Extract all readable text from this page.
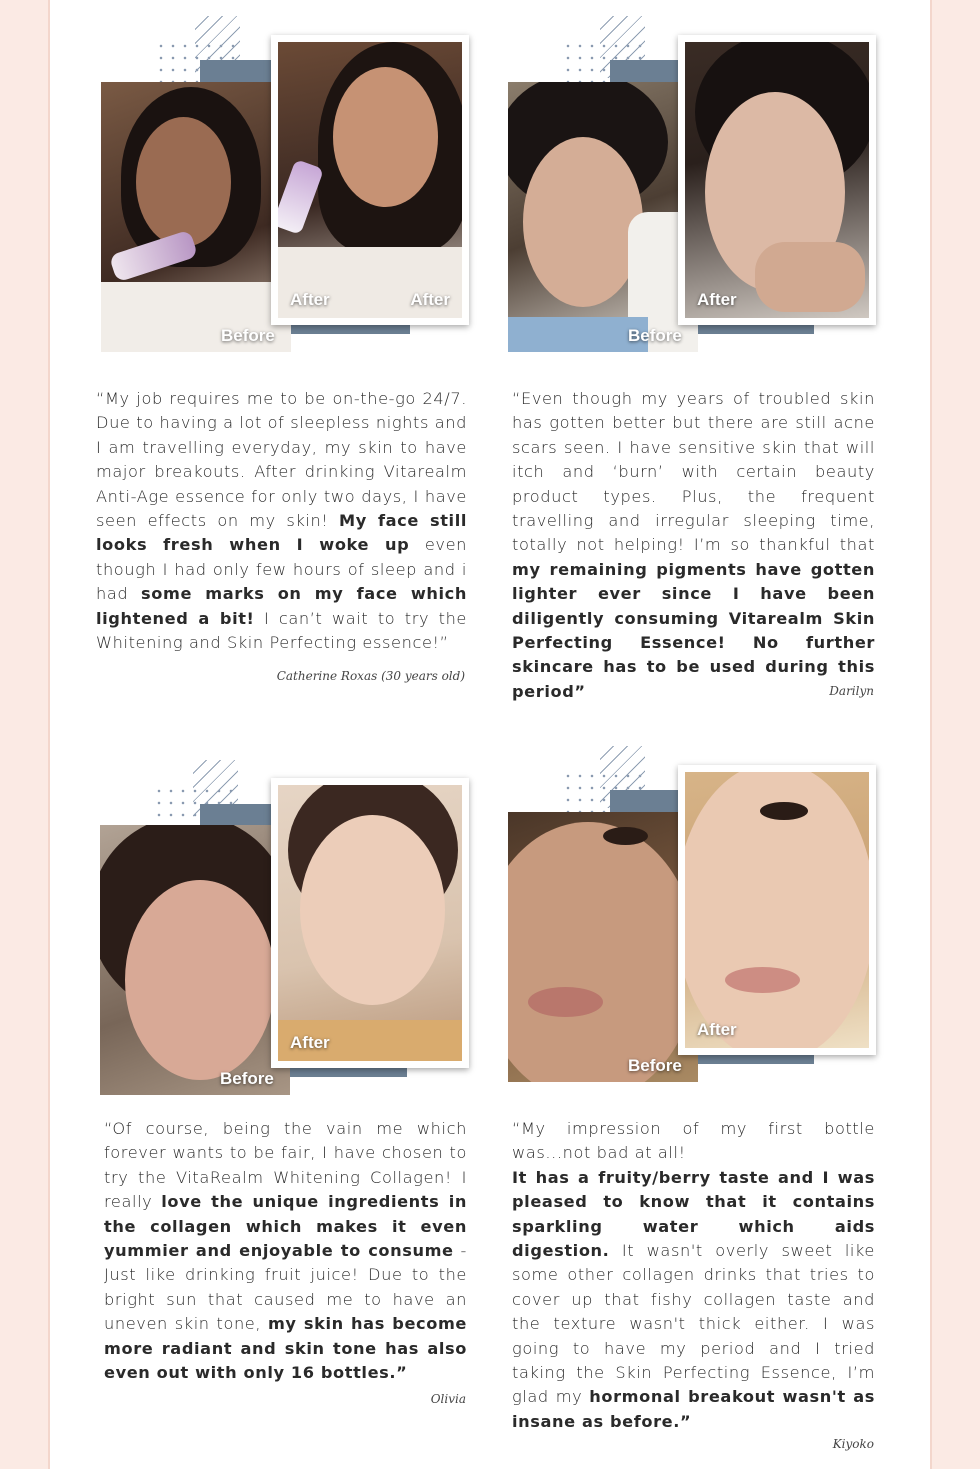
Before
After	After
“My job requires me to be on-the-go 24/7. Due to having a lot of sleepless nights and I am travelling everyday, my skin to have major breakouts. After drinking Vitarealm Anti-Age essence for only two days, I have seen effects on my skin! My face still looks fresh when I woke up even though I had only few hours of sleep and i had some marks on my face which lightened a bit! I can’t wait to try the Whitening and Skin Perfecting essence!”
Catherine Roxas (30 years old)
Before
After
“Even though my years of troubled skin has gotten better but there are still acne scars seen. I have sensitive skin that will itch and ‘burn’ with certain beauty product types. Plus, the frequent travelling and irregular sleeping time, totally not helping! I’m so thankful that my remaining pigments have gotten lighter ever since I have been diligently consuming Vitarealm Skin Perfecting Essence! No further skincare has to be used during this period”	Darilyn
Before
After
“Of course, being the vain me which forever wants to be fair, I have chosen to try the VitaRealm Whitening Collagen! I really love the unique ingredients in the collagen which makes it even yummier and enjoyable to consume - Just like drinking fruit juice! Due to the bright sun that caused me to have an uneven skin tone, my skin has become more radiant and skin tone has also even out with only 16 bottles.”
Olivia
Before
After
“My impression of my first bottle was...not bad at all!
It has a fruity/berry taste and I was pleased to know that it contains sparkling water which aids digestion. It wasn't overly sweet like some other collagen drinks that tries to cover up that fishy collagen taste and the texture wasn't thick either. I was going to have my period and I tried taking the Skin Perfecting Essence, I’m glad my hormonal breakout wasn't as insane as before.”
Kiyoko
